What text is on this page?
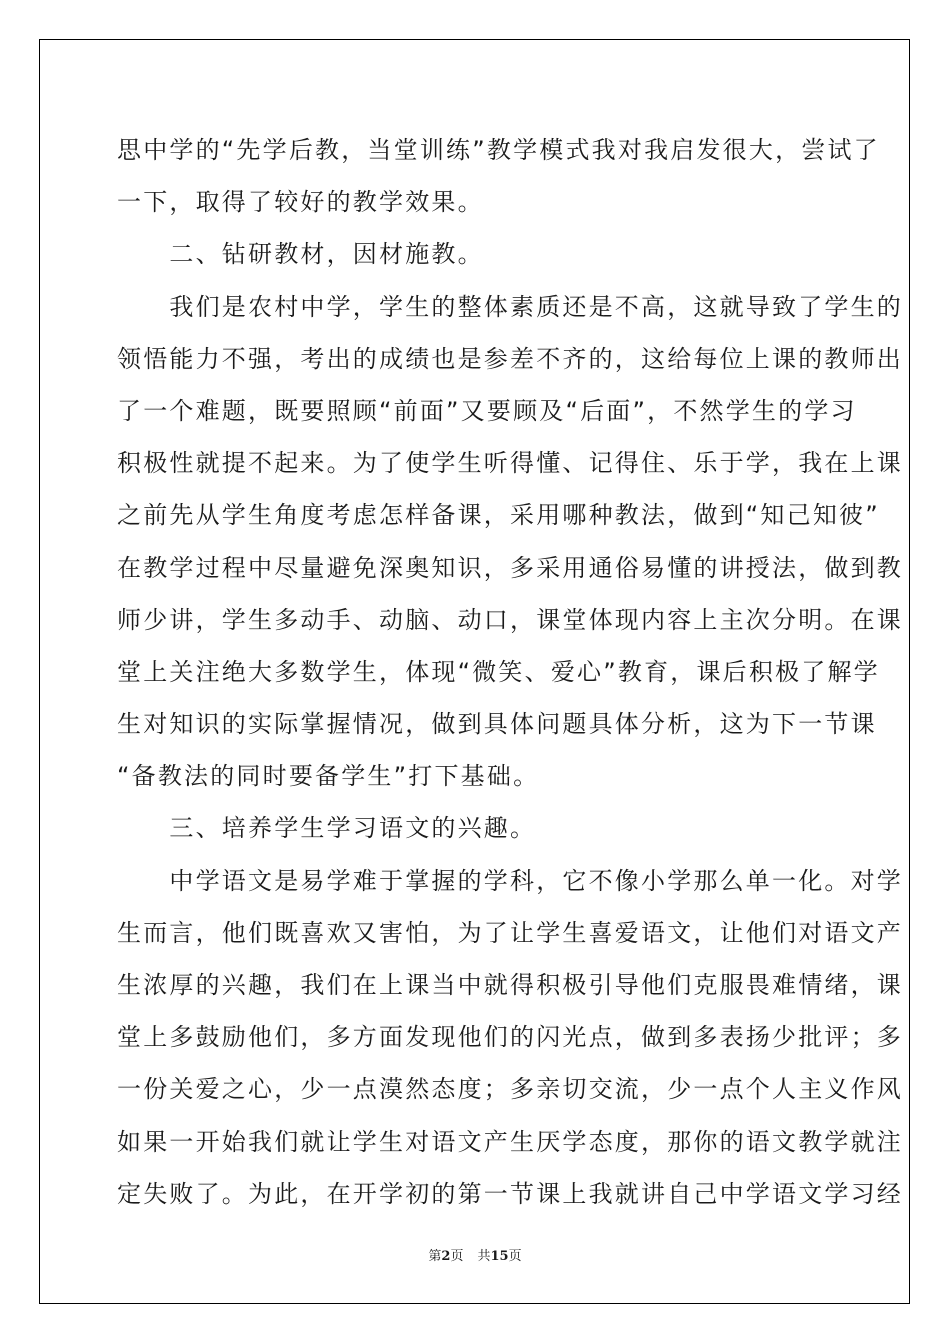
思中学的“先学后教，当堂训练”教学模式我对我启发很大，尝试了
一下，取得了较好的教学效果。
　　二、钻研教材，因材施教。
　　我们是农村中学，学生的整体素质还是不高，这就导致了学生的
领悟能力不强，考出的成绩也是参差不齐的，这给每位上课的教师出
了一个难题，既要照顾“前面”又要顾及“后面”，不然学生的学习
积极性就提不起来。为了使学生听得懂、记得住、乐于学，我在上课
之前先从学生角度考虑怎样备课，采用哪种教法，做到“知己知彼”
在教学过程中尽量避免深奥知识，多采用通俗易懂的讲授法，做到教
师少讲，学生多动手、动脑、动口，课堂体现内容上主次分明。在课
堂上关注绝大多数学生，体现“微笑、爱心”教育，课后积极了解学
生对知识的实际掌握情况，做到具体问题具体分析，这为下一节课
“备教法的同时要备学生”打下基础。
　　三、培养学生学习语文的兴趣。
　　中学语文是易学难于掌握的学科，它不像小学那么单一化。对学
生而言，他们既喜欢又害怕，为了让学生喜爱语文，让他们对语文产
生浓厚的兴趣，我们在上课当中就得积极引导他们克服畏难情绪，课
堂上多鼓励他们，多方面发现他们的闪光点，做到多表扬少批评；多
一份关爱之心，少一点漠然态度；多亲切交流，少一点个人主义作风
如果一开始我们就让学生对语文产生厌学态度，那你的语文教学就注
定失败了。为此，在开学初的第一节课上我就讲自己中学语文学习经
第2页 共15页
